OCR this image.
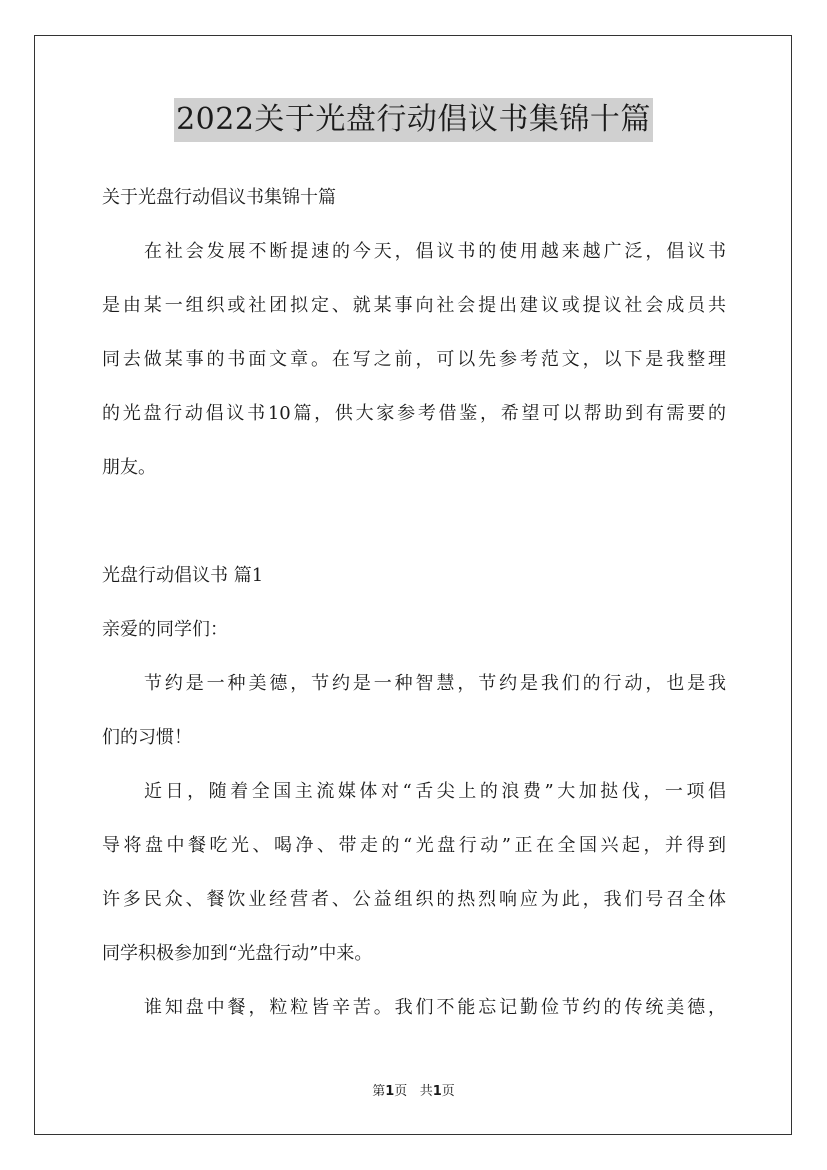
2022关于光盘行动倡议书集锦十篇
关于光盘行动倡议书集锦十篇
在社会发展不断提速的今天，倡议书的使用越来越广泛，倡议书
是由某一组织或社团拟定、就某事向社会提出建议或提议社会成员共
同去做某事的书面文章。在写之前，可以先参考范文，以下是我整理
的光盘行动倡议书10篇，供大家参考借鉴，希望可以帮助到有需要的
朋友。
光盘行动倡议书 篇1
亲爱的同学们：
节约是一种美德，节约是一种智慧，节约是我们的行动，也是我
们的习惯！
近日，随着全国主流媒体对“舌尖上的浪费”大加挞伐，一项倡
导将盘中餐吃光、喝净、带走的“光盘行动”正在全国兴起，并得到
许多民众、餐饮业经营者、公益组织的热烈响应为此，我们号召全体
同学积极参加到“光盘行动”中来。
谁知盘中餐，粒粒皆辛苦。我们不能忘记勤俭节约的传统美德，
第1页 共1页
